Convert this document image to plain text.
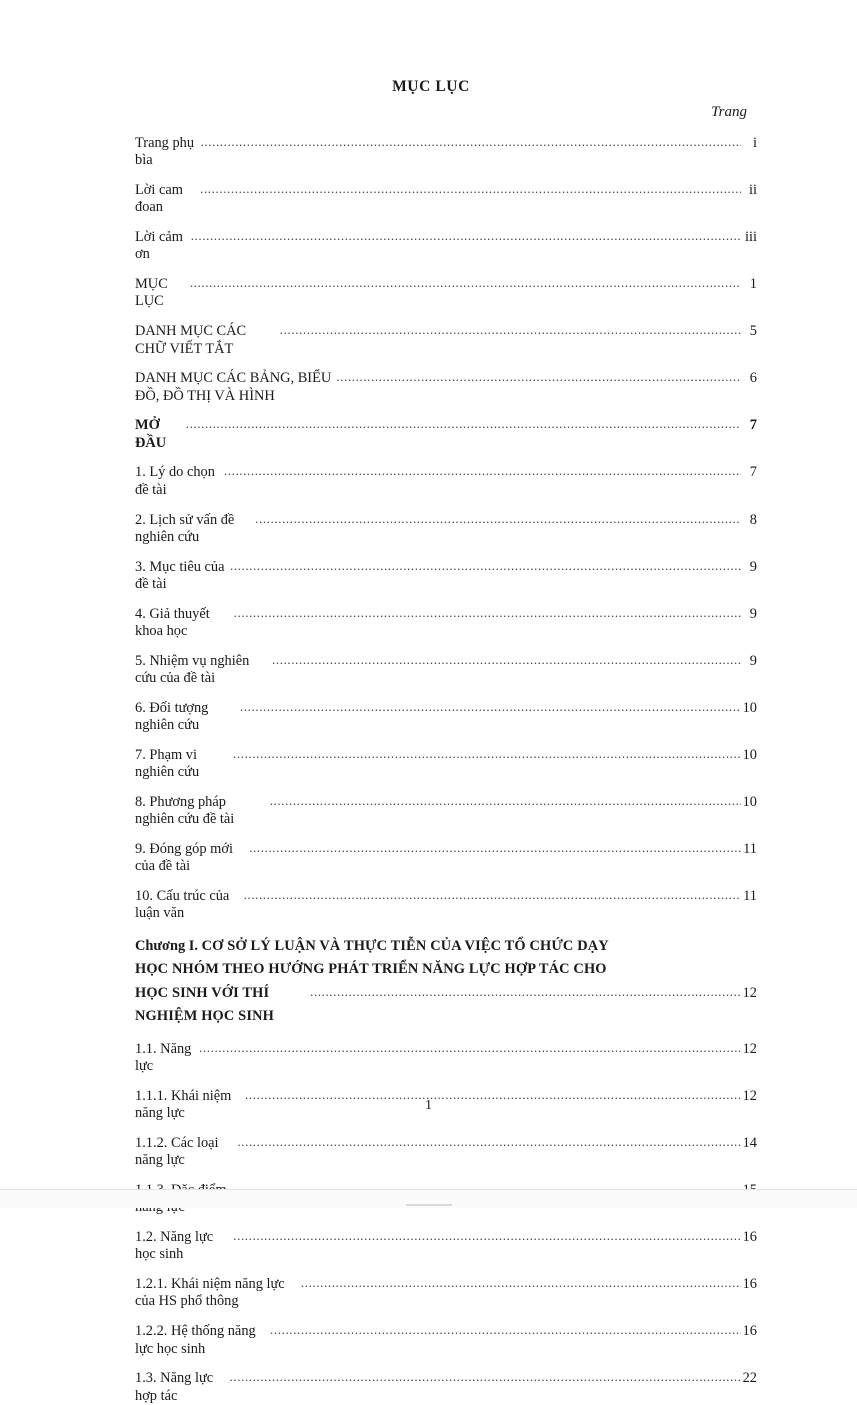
MỤC LỤC
Trang
Trang phụ bìa
.....
i
Lời cam đoan
.....
ii
Lời cảm ơn
.....
iii
MỤC LỤC
.....
1
DANH MỤC CÁC CHỮ VIẾT TẮT
.....
5
DANH MỤC CÁC BẢNG, BIỂU ĐỒ, ĐỒ THỊ VÀ HÌNH
.....
6
MỞ ĐẦU
.....
7
1. Lý do chọn đề tài
.....
7
2. Lịch sử vấn đề nghiên cứu
.....
8
3. Mục tiêu của đề tài
.....
9
4. Giả thuyết khoa học
.....
9
5. Nhiệm vụ nghiên cứu của đề tài
.....
9
6. Đối tượng nghiên cứu
.....
10
7. Phạm vi nghiên cứu
.....
10
8. Phương pháp nghiên cứu đề tài
.....
10
9. Đóng góp mới của đề tài
.....
11
10. Cấu trúc của luận văn
.....
11
Chương I. CƠ SỞ LÝ LUẬN VÀ THỰC TIỄN CỦA VIỆC TỔ CHỨC DẠY
HỌC NHÓM THEO HƯỚNG PHÁT TRIỂN NĂNG LỰC HỢP TÁC CHO
HỌC SINH VỚI THÍ NGHIỆM HỌC SINH
.....
12
1.1. Năng lực
.....
12
1.1.1. Khái niệm năng lực
.....
12
1.1.2. Các loại năng lực
.....
14
.....
1.2. Năng lực học sinh
.....
16
1.2.1. Khái niệm năng lực của HS phổ thông
.....
16
1.2.2. Hệ thống năng lực học sinh
.....
16
1.3. Năng lực hợp tác
.....
22
1
